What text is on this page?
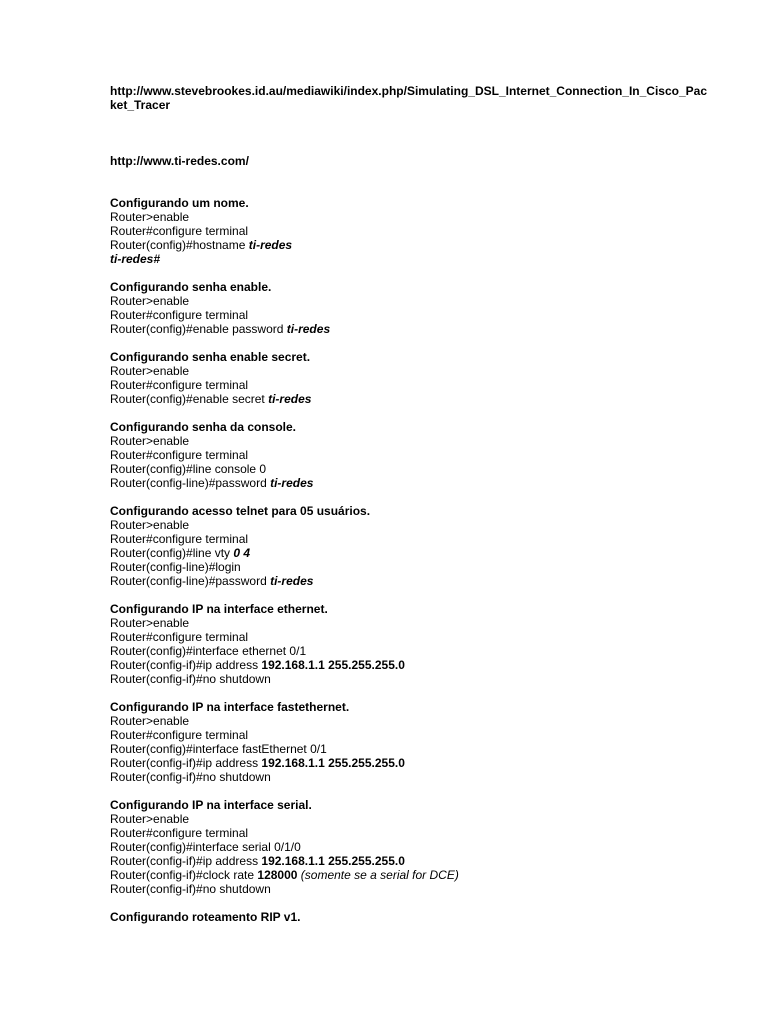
http://www.stevebrookes.id.au/mediawiki/index.php/Simulating_DSL_Internet_Connection_In_Cisco_Packet_Tracer
http://www.ti-redes.com/
Configurando um nome.
Router>enable
Router#configure terminal
Router(config)#hostname ti-redes
ti-redes#
Configurando senha enable.
Router>enable
Router#configure terminal
Router(config)#enable password ti-redes
Configurando senha enable secret.
Router>enable
Router#configure terminal
Router(config)#enable secret ti-redes
Configurando senha da console.
Router>enable
Router#configure terminal
Router(config)#line console 0
Router(config-line)#password ti-redes
Configurando acesso telnet para 05 usuários.
Router>enable
Router#configure terminal
Router(config)#line vty 0 4
Router(config-line)#login
Router(config-line)#password ti-redes
Configurando IP na interface ethernet.
Router>enable
Router#configure terminal
Router(config)#interface ethernet 0/1
Router(config-if)#ip address 192.168.1.1 255.255.255.0
Router(config-if)#no shutdown
Configurando IP na interface fastethernet.
Router>enable
Router#configure terminal
Router(config)#interface fastEthernet 0/1
Router(config-if)#ip address 192.168.1.1 255.255.255.0
Router(config-if)#no shutdown
Configurando IP na interface serial.
Router>enable
Router#configure terminal
Router(config)#interface serial 0/1/0
Router(config-if)#ip address 192.168.1.1 255.255.255.0
Router(config-if)#clock rate 128000 (somente se a serial for DCE)
Router(config-if)#no shutdown
Configurando roteamento RIP v1.
